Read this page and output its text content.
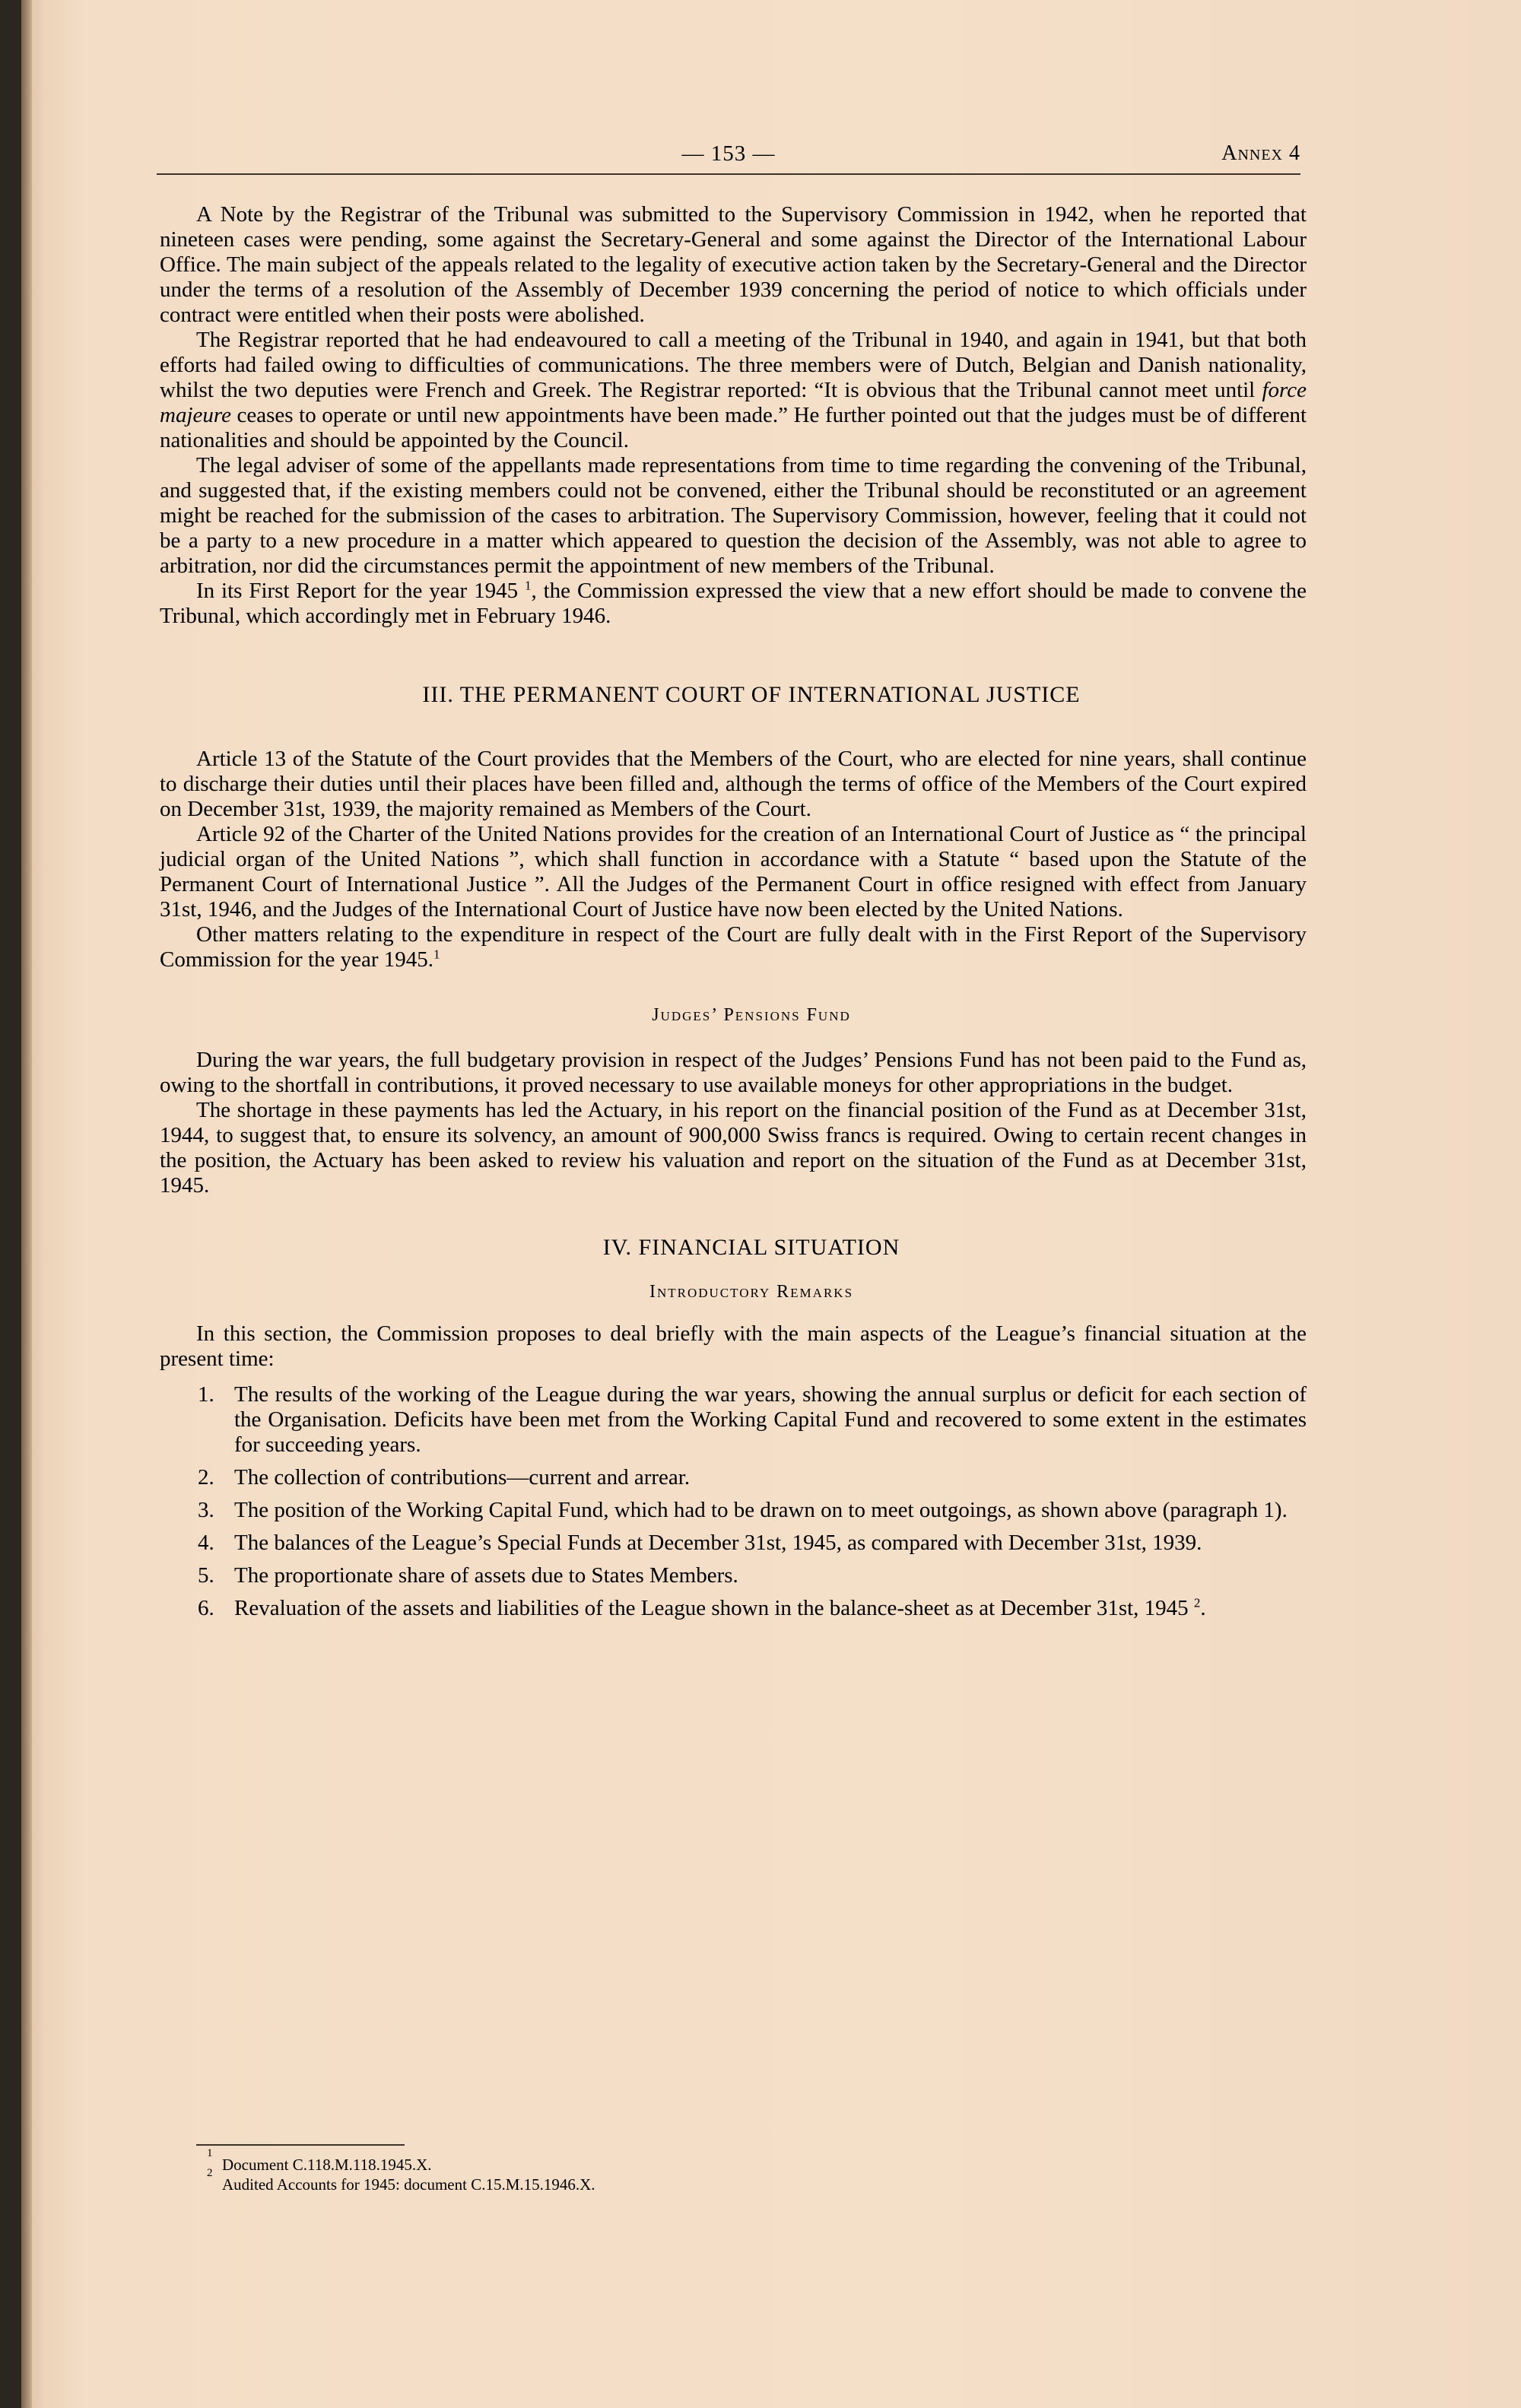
— 153 —	Annex 4

A Note by the Registrar of the Tribunal was submitted to the Supervisory Commission in 1942, when he reported that nineteen cases were pending, some against the Secretary-General and some against the Director of the International Labour Office. The main subject of the appeals related to the legality of executive action taken by the Secretary-General and the Director under the terms of a resolution of the Assembly of December 1939 concerning the period of notice to which officials under contract were entitled when their posts were abolished.

The Registrar reported that he had endeavoured to call a meeting of the Tribunal in 1940, and again in 1941, but that both efforts had failed owing to difficulties of communications. The three members were of Dutch, Belgian and Danish nationality, whilst the two deputies were French and Greek. The Registrar reported: “It is obvious that the Tribunal cannot meet until force majeure ceases to operate or until new appointments have been made.” He further pointed out that the judges must be of different nationalities and should be appointed by the Council.

The legal adviser of some of the appellants made representations from time to time regarding the convening of the Tribunal, and suggested that, if the existing members could not be convened, either the Tribunal should be reconstituted or an agreement might be reached for the submission of the cases to arbitration. The Supervisory Commission, however, feeling that it could not be a party to a new procedure in a matter which appeared to question the decision of the Assembly, was not able to agree to arbitration, nor did the circumstances permit the appointment of new members of the Tribunal.

In its First Report for the year 1945 $^1$, the Commission expressed the view that a new effort should be made to convene the Tribunal, which accordingly met in February 1946.

III. THE PERMANENT COURT OF INTERNATIONAL JUSTICE

Article 13 of the Statute of the Court provides that the Members of the Court, who are elected for nine years, shall continue to discharge their duties until their places have been filled and, although the terms of office of the Members of the Court expired on December 31st, 1939, the majority remained as Members of the Court.

Article 92 of the Charter of the United Nations provides for the creation of an International Court of Justice as “ the principal judicial organ of the United Nations ”, which shall function in accordance with a Statute “ based upon the Statute of the Permanent Court of International Justice ”. All the Judges of the Permanent Court in office resigned with effect from January 31st, 1946, and the Judges of the International Court of Justice have now been elected by the United Nations.

Other matters relating to the expenditure in respect of the Court are fully dealt with in the First Report of the Supervisory Commission for the year 1945.$^1$

Judges’ Pensions Fund

During the war years, the full budgetary provision in respect of the Judges’ Pensions Fund has not been paid to the Fund as, owing to the shortfall in contributions, it proved necessary to use available moneys for other appropriations in the budget.

The shortage in these payments has led the Actuary, in his report on the financial position of the Fund as at December 31st, 1944, to suggest that, to ensure its solvency, an amount of 900,000 Swiss francs is required. Owing to certain recent changes in the position, the Actuary has been asked to review his valuation and report on the situation of the Fund as at December 31st, 1945.

IV. FINANCIAL SITUATION

Introductory Remarks

In this section, the Commission proposes to deal briefly with the main aspects of the League’s financial situation at the present time:

1. The results of the working of the League during the war years, showing the annual surplus or deficit for each section of the Organisation. Deficits have been met from the Working Capital Fund and recovered to some extent in the estimates for succeeding years.
2. The collection of contributions—current and arrear.
3. The position of the Working Capital Fund, which had to be drawn on to meet outgoings, as shown above (paragraph 1).
4. The balances of the League’s Special Funds at December 31st, 1945, as compared with December 31st, 1939.
5. The proportionate share of assets due to States Members.
6. Revaluation of the assets and liabilities of the League shown in the balance-sheet as at December 31st, 1945 $^2$.
Document C.118.M.118.1945.X.
2
Audited Accounts for 1945: document C.15.M.15.1946.X.
